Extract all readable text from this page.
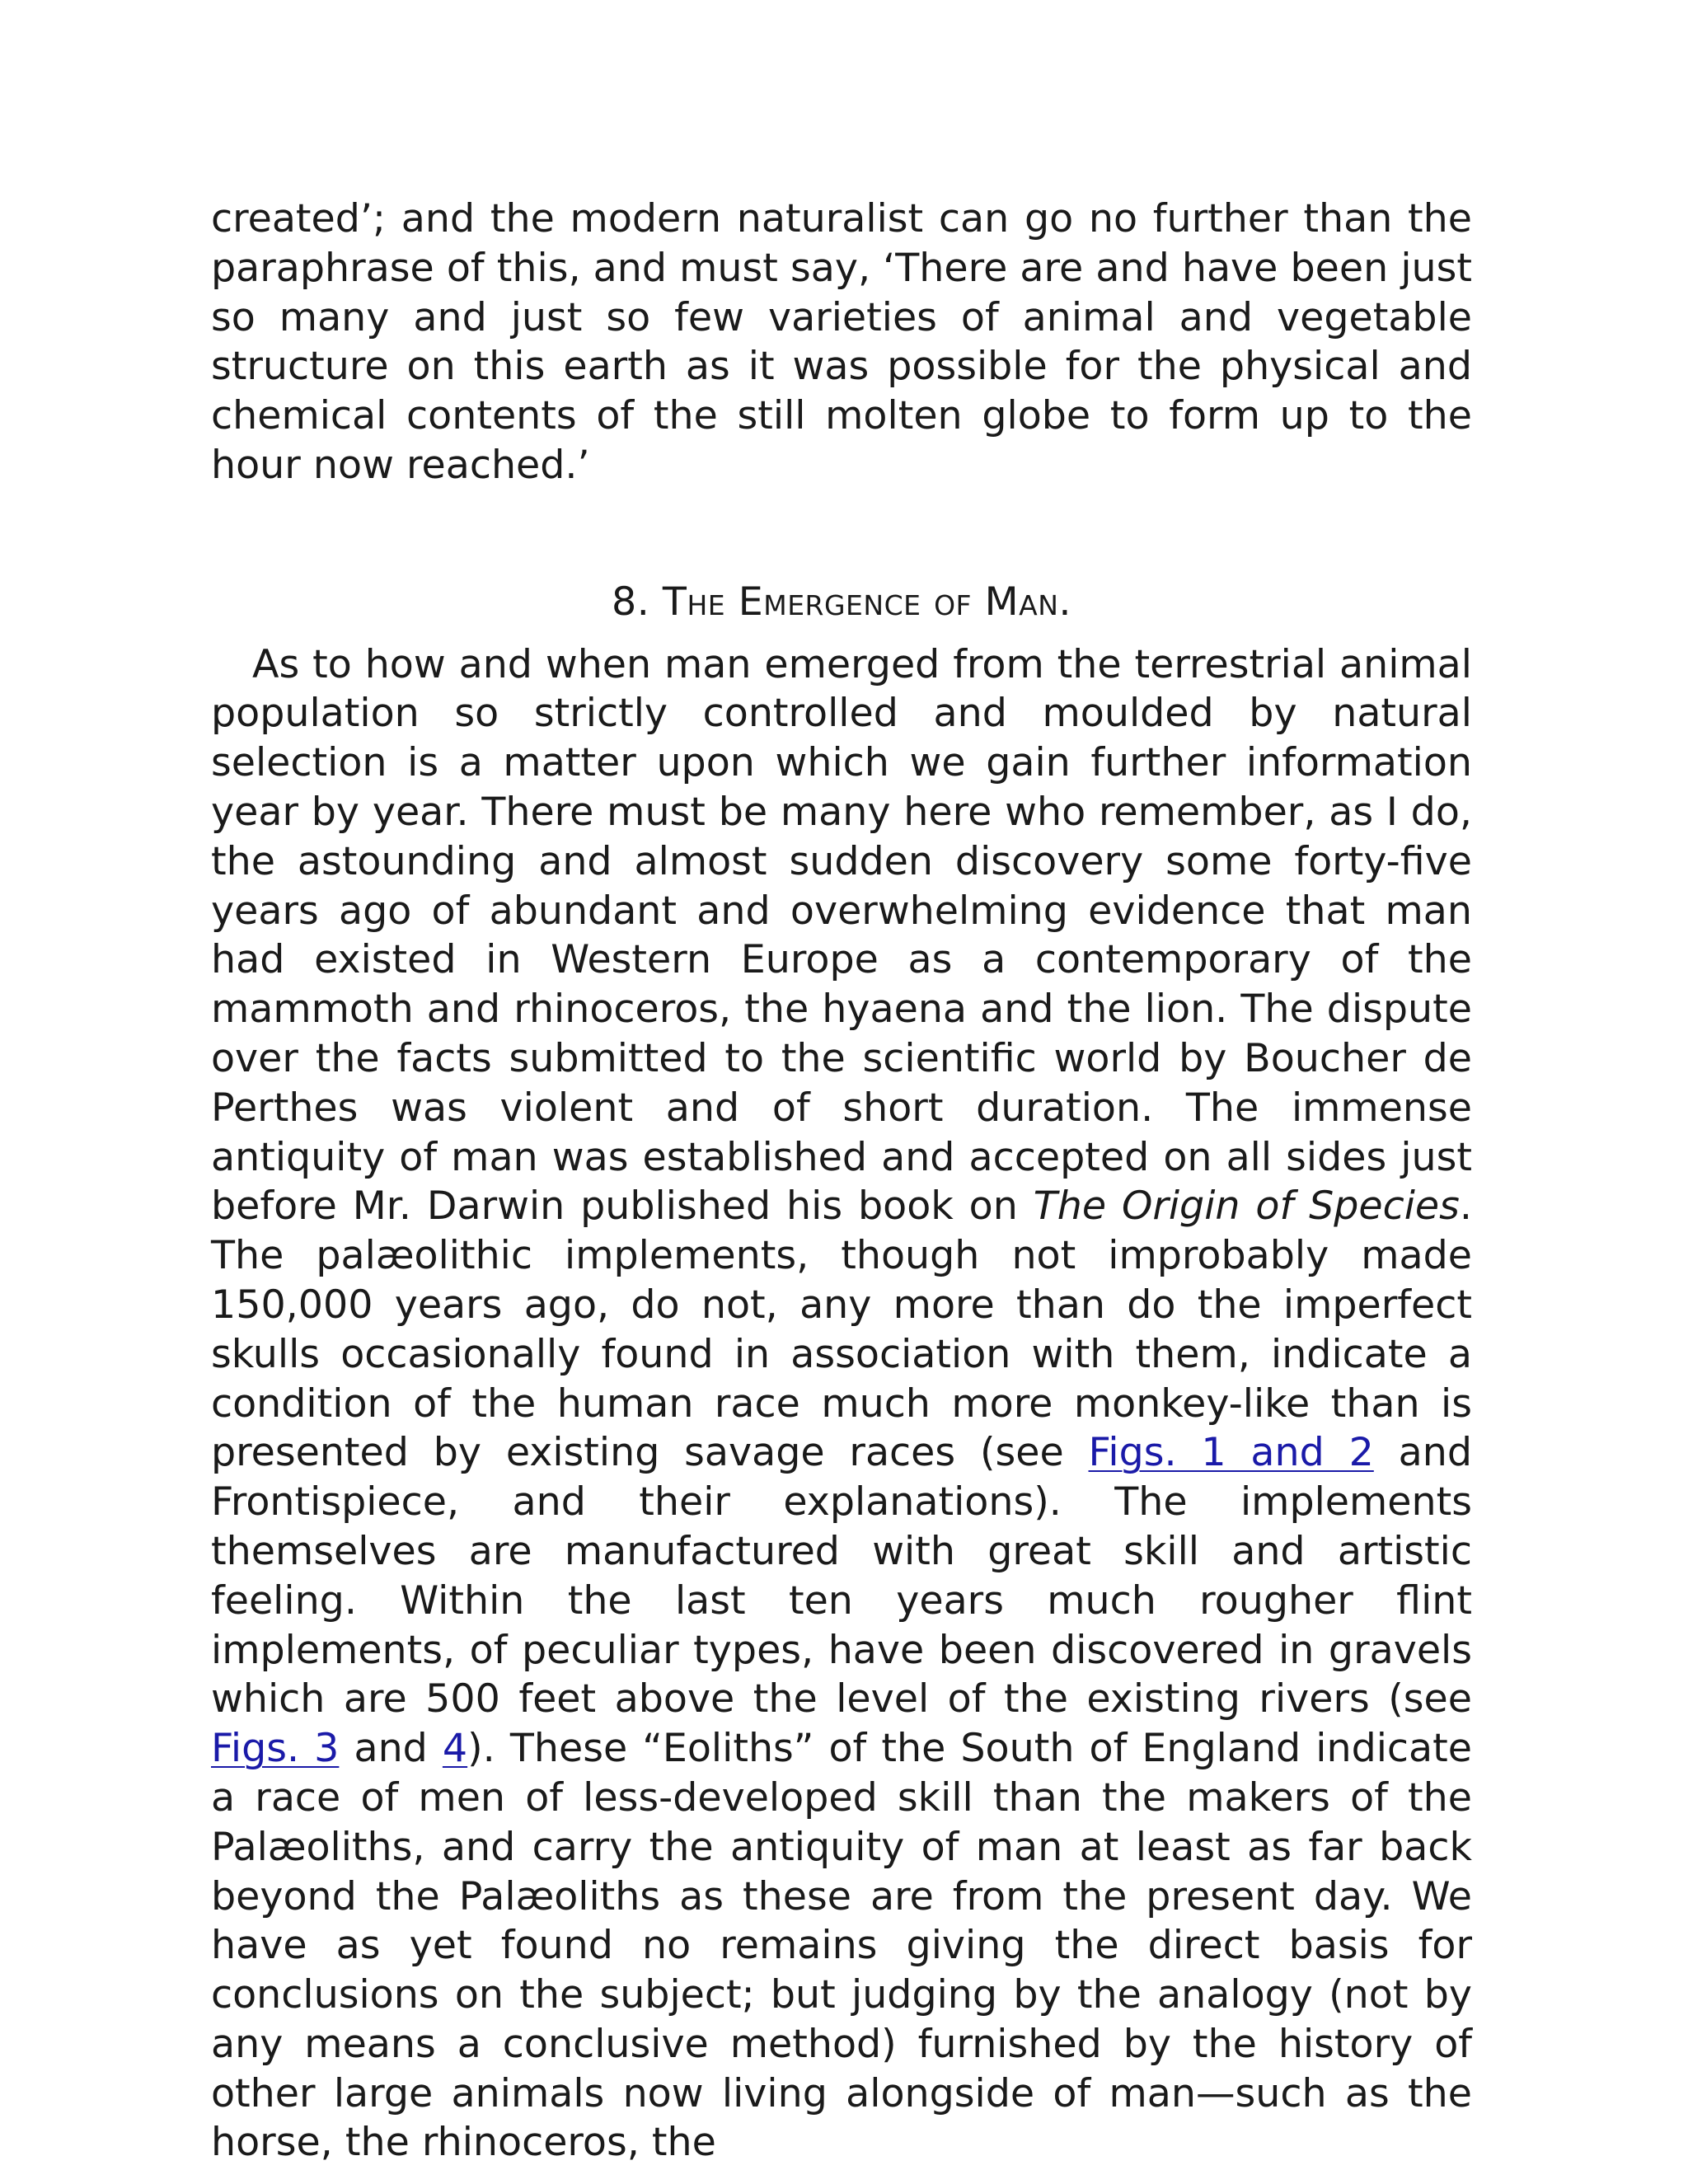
created’; and the modern naturalist can go no further than the paraphrase of this, and must say, ‘There are and have been just so many and just so few varieties of animal and vegetable structure on this earth as it was possible for the physical and chemical contents of the still molten globe to form up to the hour now reached.’

8. The Emergence of Man.

As to how and when man emerged from the terrestrial animal population so strictly controlled and moulded by natural selection is a matter upon which we gain further information year by year. There must be many here who remember, as I do, the astounding and almost sudden discovery some forty-five years ago of abundant and overwhelming evidence that man had existed in Western Europe as a contemporary of the mammoth and rhinoceros, the hyaena and the lion. The dispute over the facts submitted to the scientific world by Boucher de Perthes was violent and of short duration. The immense antiquity of man was established and accepted on all sides just before Mr. Darwin published his book on The Origin of Species. The palæolithic implements, though not improbably made 150,000 years ago, do not, any more than do the imperfect skulls occasionally found in association with them, indicate a condition of the human race much more monkey-like than is presented by existing savage races (see Figs. 1 and 2 and Frontispiece, and their explanations). The implements themselves are manufactured with great skill and artistic feeling. Within the last ten years much rougher flint implements, of peculiar types, have been discovered in gravels which are 500 feet above the level of the existing rivers (see Figs. 3 and 4). These “Eoliths” of the South of England indicate a race of men of less-developed skill than the makers of the Palæoliths, and carry the antiquity of man at least as far back beyond the Palæoliths as these are from the present day. We have as yet found no remains giving the direct basis for conclusions on the subject; but judging by the analogy (not by any means a conclusive method) furnished by the history of other large animals now living alongside of man—such as the horse, the rhinoceros, the
